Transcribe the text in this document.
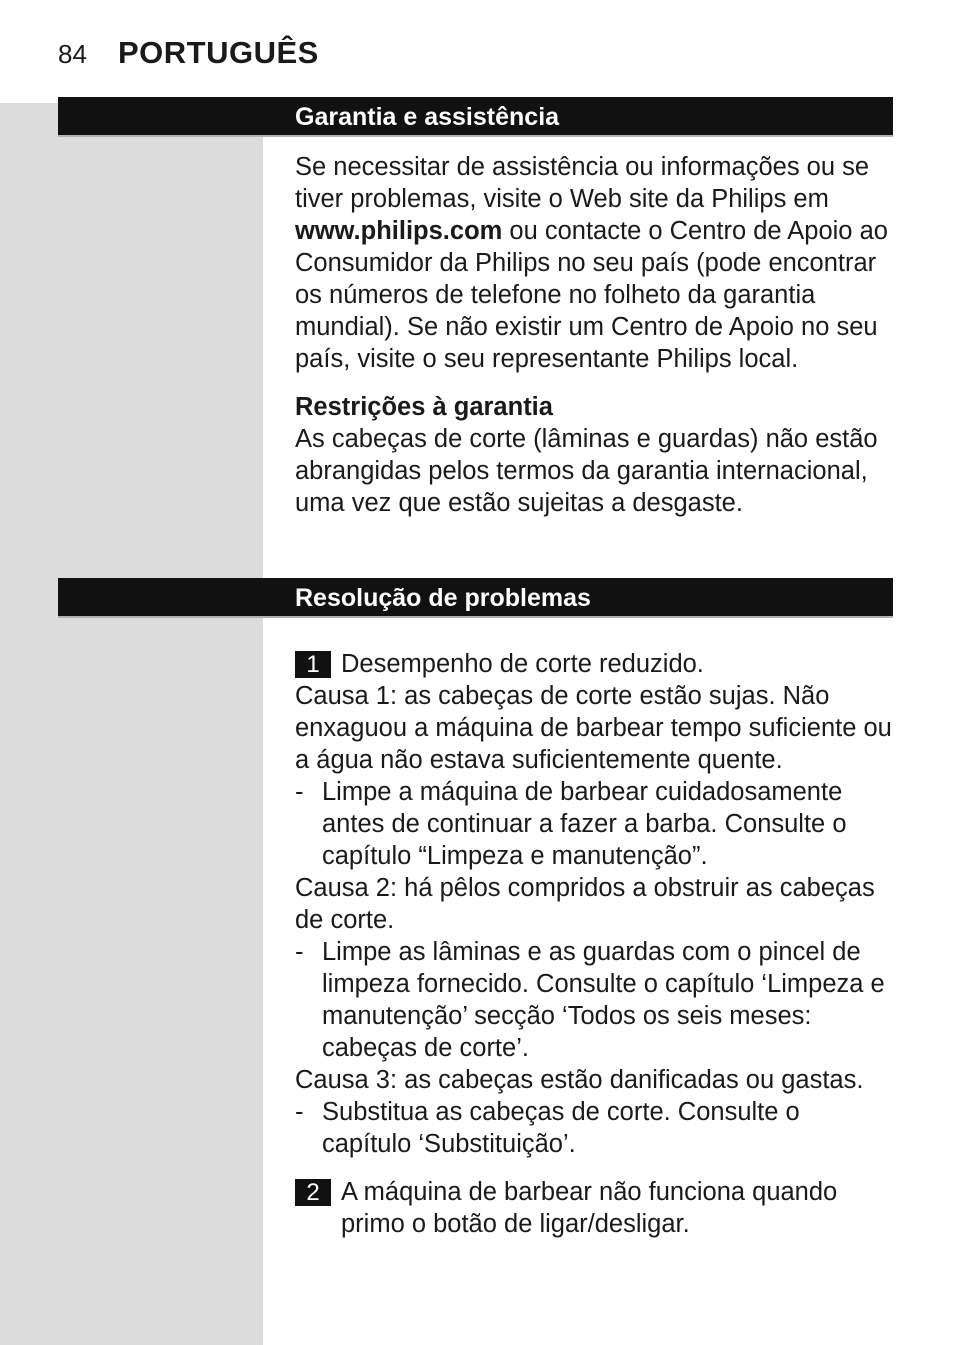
84 PORTUGUÊS
Garantia e assistência

Se necessitar de assistência ou informações ou se tiver problemas, visite o Web site da Philips em www.philips.com ou contacte o Centro de Apoio ao Consumidor da Philips no seu país (pode encontrar os números de telefone no folheto da garantia mundial). Se não existir um Centro de Apoio no seu país, visite o seu representante Philips local.

Restrições à garantia

As cabeças de corte (lâminas e guardas) não estão abrangidas pelos termos da garantia internacional, uma vez que estão sujeitas a desgaste.

Resolução de problemas
1 Desempenho de corte reduzido.

Causa 1: as cabeças de corte estão sujas. Não enxaguou a máquina de barbear tempo suficiente ou a água não estava suficientemente quente.

- Limpe a máquina de barbear cuidadosamente antes de continuar a fazer a barba. Consulte o capítulo “Limpeza e manutenção”.

Causa 2: há pêlos compridos a obstruir as cabeças de corte.

- Limpe as lâminas e as guardas com o pincel de limpeza fornecido. Consulte o capítulo ‘Limpeza e manutenção’ secção ‘Todos os seis meses: cabeças de corte’.

Causa 3: as cabeças estão danificadas ou gastas.

- Substitua as cabeças de corte. Consulte o capítulo ‘Substituição’.
2 A máquina de barbear não funciona quando primo o botão de ligar/desligar.
